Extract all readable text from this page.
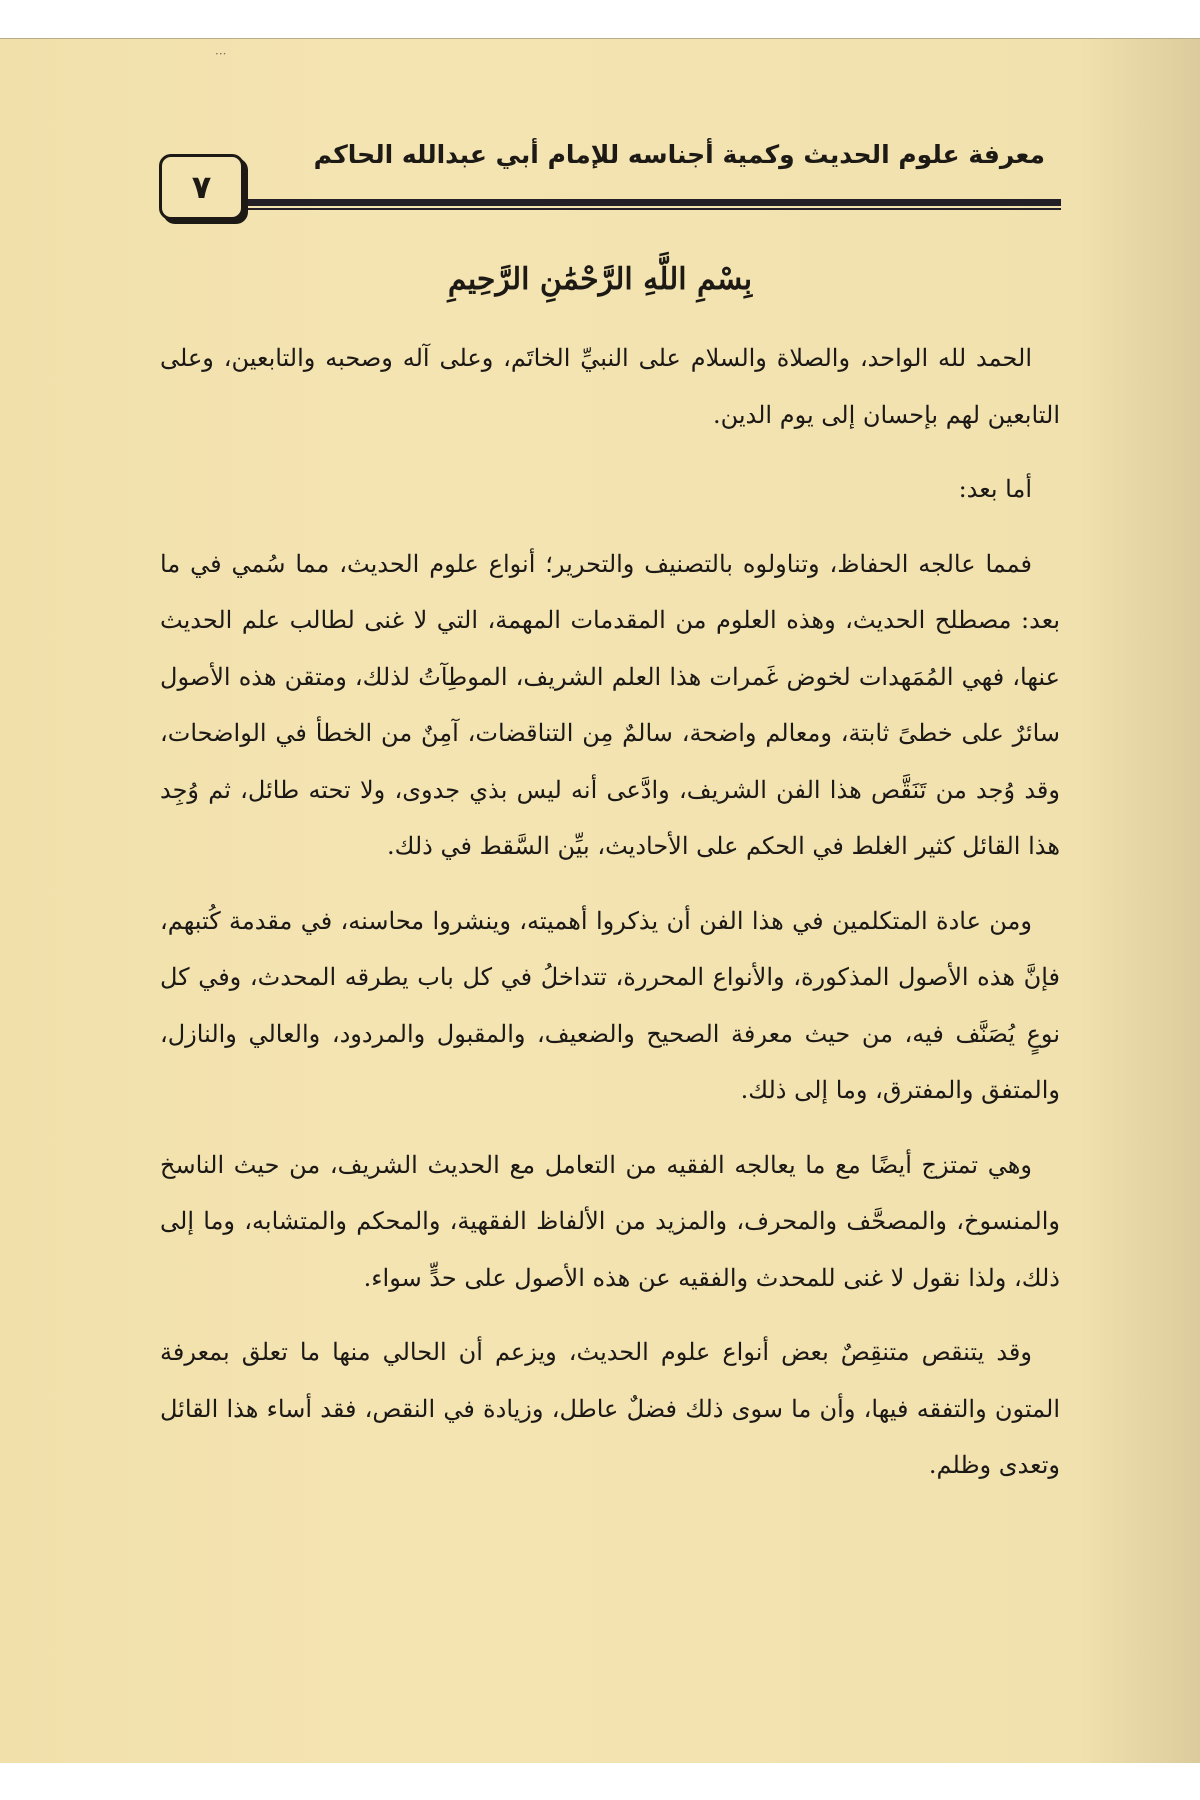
···
معرفة علوم الحديث وكمية أجناسه للإمام أبي عبدالله الحاكم
٧
بِسْمِ اللَّهِ الرَّحْمَٰنِ الرَّحِيمِ

الحمد لله الواحد، والصلاة والسلام على النبيِّ الخاتَم، وعلى آله وصحبه والتابعين، وعلى التابعين لهم بإحسان إلى يوم الدين.

أما بعد:

فمما عالجه الحفاظ، وتناولوه بالتصنيف والتحرير؛ أنواع علوم الحديث، مما سُمي في ما بعد: مصطلح الحديث، وهذه العلوم من المقدمات المهمة، التي لا غنى لطالب علم الحديث عنها، فهي المُمَهدات لخوض غَمرات هذا العلم الشريف، الموطِآتُ لذلك، ومتقن هذه الأصول سائرٌ على خطىً ثابتة، ومعالم واضحة، سالمٌ مِن التناقضات، آمِنٌ من الخطأ في الواضحات، وقد وُجد من تَنَقَّص هذا الفن الشريف، وادَّعى أنه ليس بذي جدوى، ولا تحته طائل، ثم وُجِد هذا القائل كثير الغلط في الحكم على الأحاديث، بيِّن السَّقط في ذلك.

ومن عادة المتكلمين في هذا الفن أن يذكروا أهميته، وينشروا محاسنه، في مقدمة كُتبهم، فإنَّ هذه الأصول المذكورة، والأنواع المحررة، تتداخلُ في كل باب يطرقه المحدث، وفي كل نوعٍ يُصَنَّف فيه، من حيث معرفة الصحيح والضعيف، والمقبول والمردود، والعالي والنازل، والمتفق والمفترق، وما إلى ذلك.

وهي تمتزج أيضًا مع ما يعالجه الفقيه من التعامل مع الحديث الشريف، من حيث الناسخ والمنسوخ، والمصحَّف والمحرف، والمزيد من الألفاظ الفقهية، والمحكم والمتشابه، وما إلى ذلك، ولذا نقول لا غنى للمحدث والفقيه عن هذه الأصول على حدٍّ سواء.

وقد يتنقص متنقِصٌ بعض أنواع علوم الحديث، ويزعم أن الحالي منها ما تعلق بمعرفة المتون والتفقه فيها، وأن ما سوى ذلك فضلٌ عاطل، وزيادة في النقص، فقد أساء هذا القائل وتعدى وظلم.
